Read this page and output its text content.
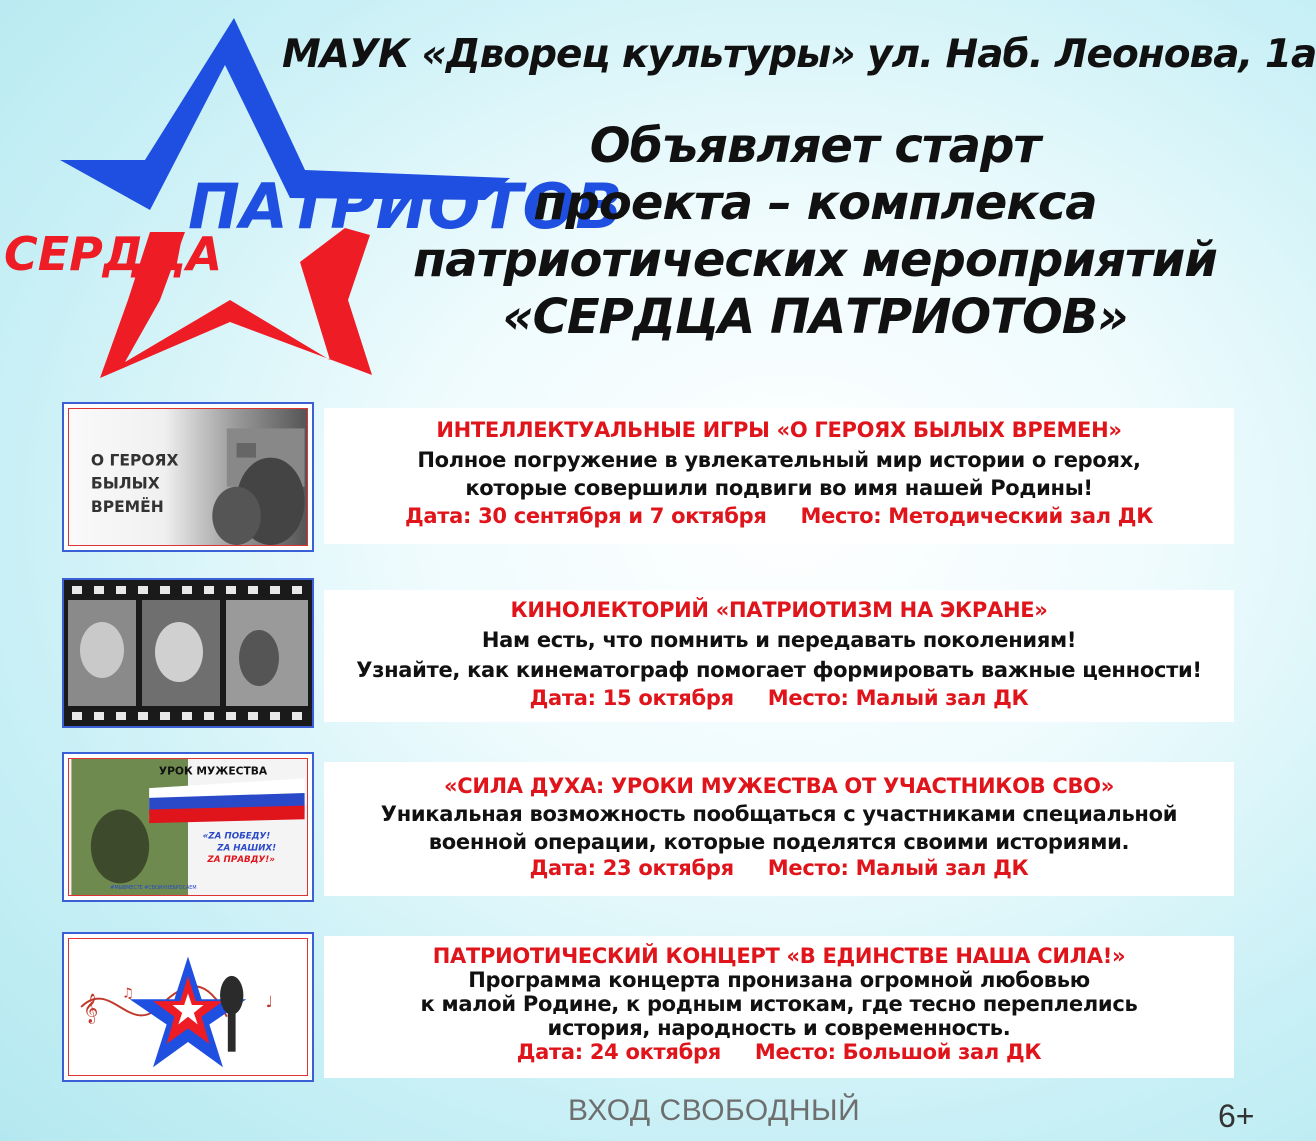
ПАТРИОТОВ
СЕРДЦА
МАУК «Дворец культуры» ул. Наб. Леонова, 1а
Объявляет старт
проекта – комплекса
патриотических мероприятий
«СЕРДЦА ПАТРИОТОВ»
О ГЕРОЯХ
БЫЛЫХ
ВРЕМЁН
ИНТЕЛЛЕКТУАЛЬНЫЕ ИГРЫ «О ГЕРОЯХ БЫЛЫХ ВРЕМЕН»
Полное погружение в увлекательный мир истории о героях,
которые совершили подвиги во имя нашей Родины!
Дата: 30 сентября и 7 октября Место: Методический зал ДК
КИНОЛЕКТОРИЙ «ПАТРИОТИЗМ НА ЭКРАНЕ»
Нам есть, что помнить и передавать поколениям!
Узнайте, как кинематограф помогает формировать важные ценности!
Дата: 15 октября Место: Малый зал ДК
УРОК МУЖЕСТВА
«ZA ПОБЕДУ!
ZA НАШИХ!
ZA ПРАВДУ!»
#МЫВМЕСТЕ #СВОИХНЕБРОСАЕМ
«СИЛА ДУХА: УРОКИ МУЖЕСТВА ОТ УЧАСТНИКОВ СВО»
Уникальная возможность пообщаться с участниками специальной
военной операции, которые поделятся своими историями.
Дата: 23 октября Место: Малый зал ДК
𝄞
♫	♩
ПАТРИОТИЧЕСКИЙ КОНЦЕРТ «В ЕДИНСТВЕ НАША СИЛА!»
Программа концерта пронизана огромной любовью
к малой Родине, к родным истокам, где тесно переплелись
история, народность и современность.
Дата: 24 октября Место: Большой зал ДК
ВХОД СВОБОДНЫЙ	6+
